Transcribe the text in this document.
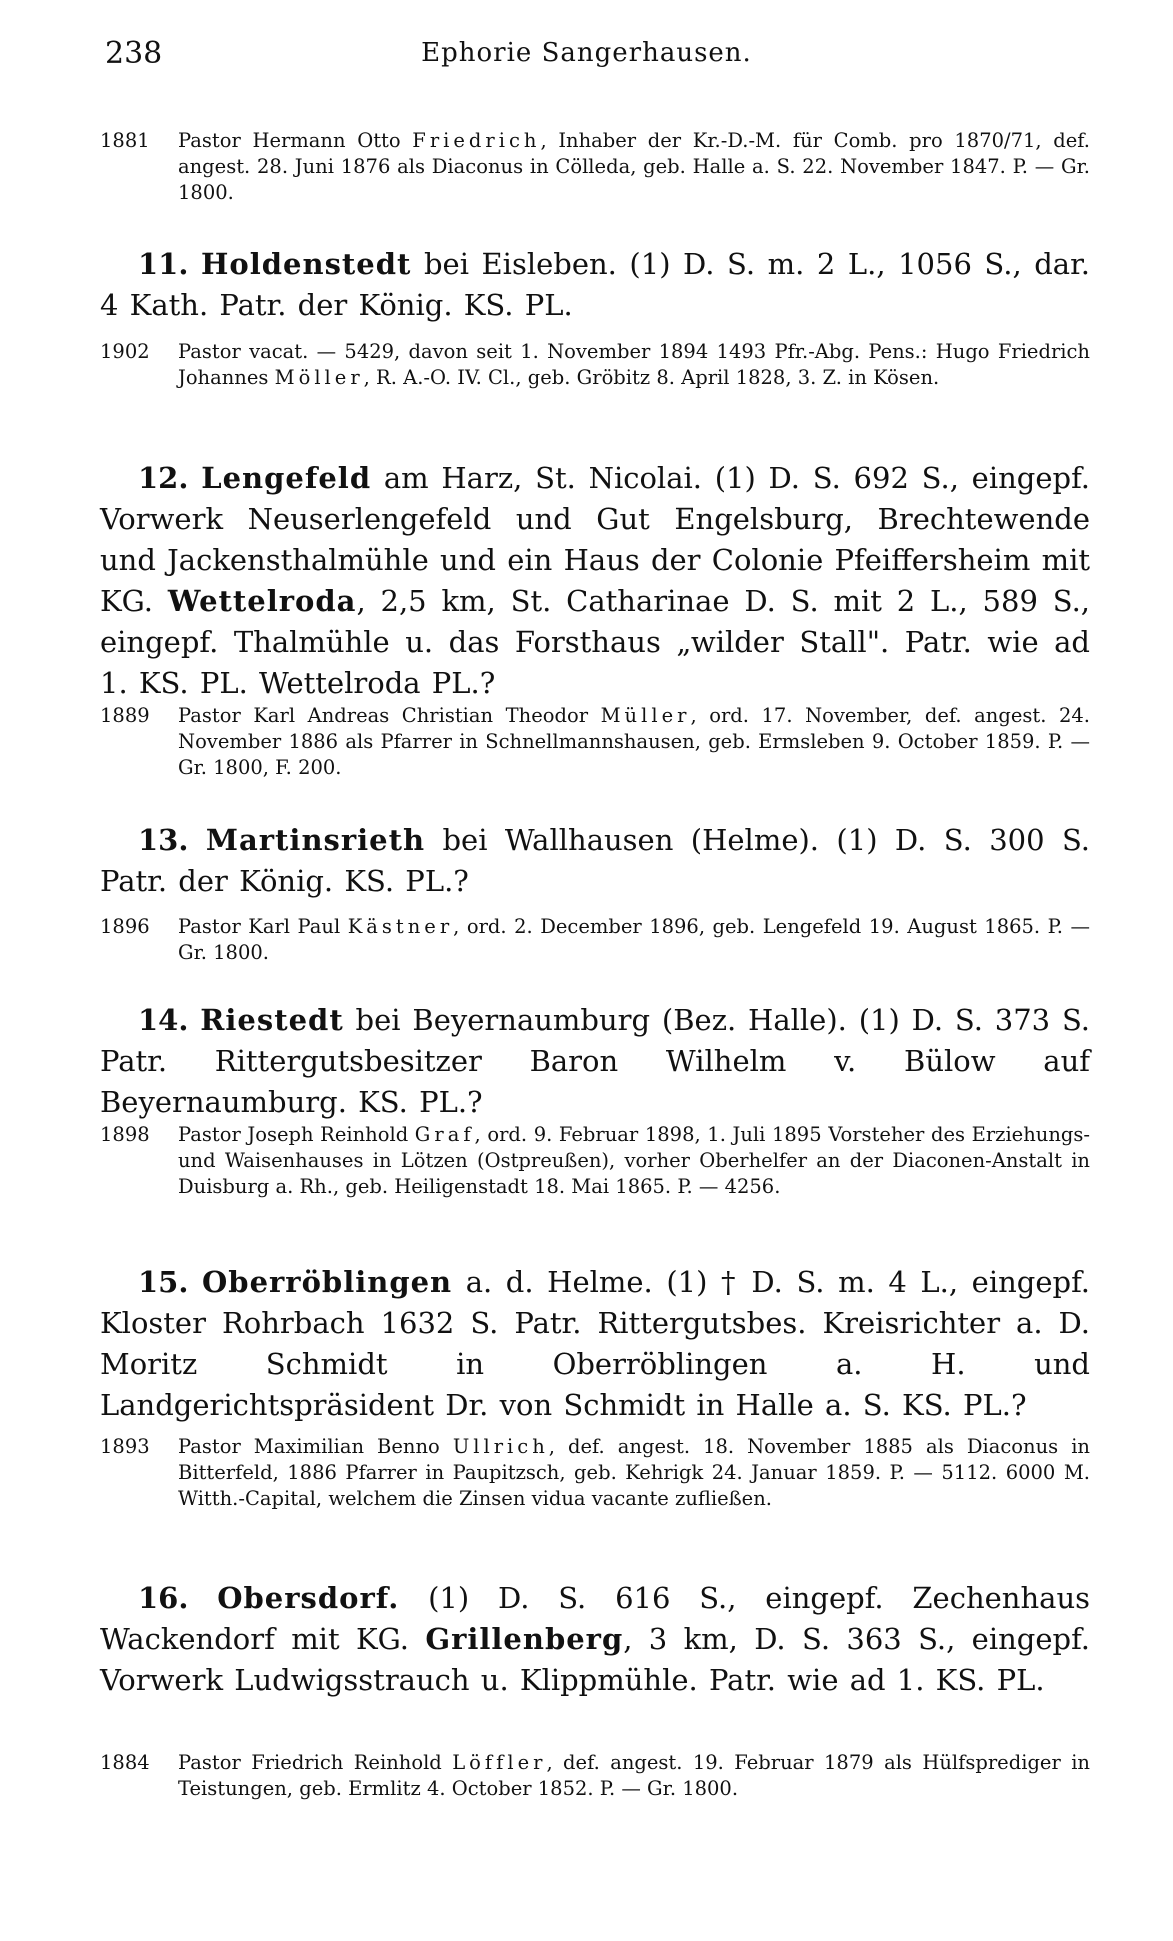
238	Ephorie Sangerhausen.
1881	Pastor Hermann Otto Friedrich, Inhaber der Kr.-D.-M. für Comb. pro 1870/71, def. angest. 28. Juni 1876 als Diaconus in Cölleda, geb. Halle a. S. 22. November 1847. P. — Gr. 1800.
11. Holdenstedt bei Eisleben. (1) D. S. m. 2 L., 1056 S., dar. 4 Kath. Patr. der König. KS. PL.
1902	Pastor vacat. — 5429, davon seit 1. November 1894 1493 Pfr.-Abg. Pens.: Hugo Friedrich Johannes Möller, R. A.-O. IV. Cl., geb. Gröbitz 8. April 1828, 3. Z. in Kösen.
12. Lengefeld am Harz, St. Nicolai. (1) D. S. 692 S., eingepf. Vorwerk Neuserlengefeld und Gut Engelsburg, Brechtewende und Jackensthalmühle und ein Haus der Colonie Pfeiffersheim mit KG. Wettelroda, 2,5 km, St. Catharinae D. S. mit 2 L., 589 S., eingepf. Thalmühle u. das Forsthaus „wilder Stall". Patr. wie ad 1. KS. PL. Wettelroda PL.?
1889	Pastor Karl Andreas Christian Theodor Müller, ord. 17. November, def. angest. 24. November 1886 als Pfarrer in Schnellmannshausen, geb. Ermsleben 9. October 1859. P. — Gr. 1800, F. 200.
13. Martinsrieth bei Wallhausen (Helme). (1) D. S. 300 S. Patr. der König. KS. PL.?
1896	Pastor Karl Paul Kästner, ord. 2. December 1896, geb. Lengefeld 19. August 1865. P. — Gr. 1800.
14. Riestedt bei Beyernaumburg (Bez. Halle). (1) D. S. 373 S. Patr. Rittergutsbesitzer Baron Wilhelm v. Bülow auf Beyernaumburg. KS. PL.?
1898	Pastor Joseph Reinhold Graf, ord. 9. Februar 1898, 1. Juli 1895 Vorsteher des Erziehungs- und Waisenhauses in Lötzen (Ostpreußen), vorher Oberhelfer an der Diaconen-Anstalt in Duisburg a. Rh., geb. Heiligenstadt 18. Mai 1865. P. — 4256.
15. Oberröblingen a. d. Helme. (1) † D. S. m. 4 L., eingepf. Kloster Rohrbach 1632 S. Patr. Rittergutsbes. Kreisrichter a. D. Moritz Schmidt in Oberröblingen a. H. und Landgerichtspräsident Dr. von Schmidt in Halle a. S. KS. PL.?
1893	Pastor Maximilian Benno Ullrich, def. angest. 18. November 1885 als Diaconus in Bitterfeld, 1886 Pfarrer in Paupitzsch, geb. Kehrigk 24. Januar 1859. P. — 5112. 6000 M. Witth.-Capital, welchem die Zinsen vidua vacante zufließen.
16. Obersdorf. (1) D. S. 616 S., eingepf. Zechenhaus Wackendorf mit KG. Grillenberg, 3 km, D. S. 363 S., eingepf. Vorwerk Ludwigsstrauch u. Klippmühle. Patr. wie ad 1. KS. PL.
1884	Pastor Friedrich Reinhold Löffler, def. angest. 19. Februar 1879 als Hülfsprediger in Teistungen, geb. Ermlitz 4. October 1852. P. — Gr. 1800.
